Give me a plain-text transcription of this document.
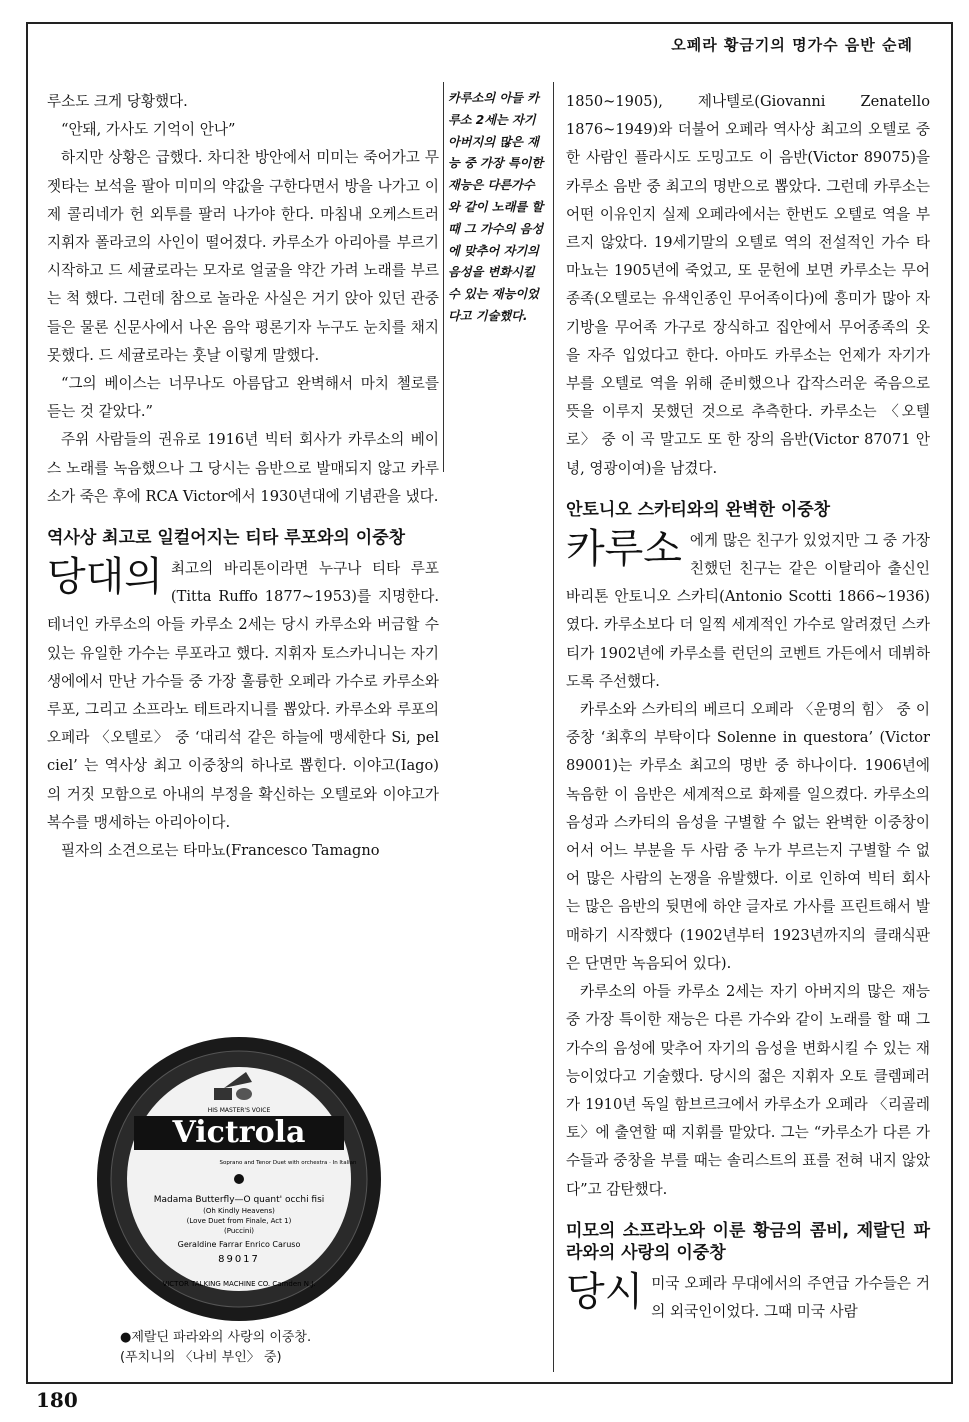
오페라 황금기의 명가수 음반 순례

루소도 크게 당황했다.

“안돼, 가사도 기억이 안나”

하지만 상황은 급했다. 차디찬 방안에서 미미는 죽어가고 무젯타는 보석을 팔아 미미의 약값을 구한다면서 방을 나가고 이제 콜리네가 헌 외투를 팔러 나가야 한다. 마침내 오케스트러 지휘자 폴라코의 사인이 떨어졌다. 카루소가 아리아를 부르기 시작하고 드 세귤로라는 모자로 얼굴을 약간 가려 노래를 부르는 척 했다. 그런데 참으로 놀라운 사실은 거기 앉아 있던 관중들은 물론 신문사에서 나온 음악 평론기자 누구도 눈치를 채지 못했다. 드 세귤로라는 훗날 이렇게 말했다.

“그의 베이스는 너무나도 아름답고 완벽해서 마치 첼로를 듣는 것 같았다.”

주위 사람들의 권유로 1916년 빅터 회사가 카루소의 베이스 노래를 녹음했으나 그 당시는 음반으로 발매되지 않고 카루소가 죽은 후에 RCA Victor에서 1930년대에 기념관을 냈다.

역사상 최고로 일컬어지는 티타 루포와의 이중창

당대의 최고의 바리톤이라면 누구나 티타 루포(Titta Ruffo 1877~1953)를 지명한다. 테너인 카루소의 아들 카루소 2세는 당시 카루소와 버금할 수 있는 유일한 가수는 루포라고 했다. 지휘자 토스카니니는 자기 생에에서 만난 가수들 중 가장 훌륭한 오페라 가수로 카루소와 루포, 그리고 소프라노 테트라지니를 뽑았다. 카루소와 루포의 오페라 〈오텔로〉 중 ‘대리석 같은 하늘에 맹세한다 Si, pel ciel’ 는 역사상 최고 이중창의 하나로 뽑힌다. 이야고(Iago)의 거짓 모함으로 아내의 부정을 확신하는 오텔로와 이야고가 복수를 맹세하는 아리아이다.

필자의 소견으로는 타마뇨(Francesco Tamagno

카루소의 아들 카루소 2세는 자기 아버지의 많은 재능 중 가장 특이한 재능은 다른가수와 같이 노래를 할 때 그 가수의 음성에 맞추어 자기의 음성을 변화시킬 수 있는 재능이었다고 기술했다.

1850~1905), 제나텔로(Giovanni Zenatello 1876~1949)와 더불어 오페라 역사상 최고의 오텔로 중한 사람인 플라시도 도밍고도 이 음반(Victor 89075)을 카루소 음반 중 최고의 명반으로 뽑았다. 그런데 카루소는 어떤 이유인지 실제 오페라에서는 한번도 오텔로 역을 부르지 않았다. 19세기말의 오텔로 역의 전설적인 가수 타마뇨는 1905년에 죽었고, 또 문헌에 보면 카루소는 무어종족(오텔로는 유색인종인 무어족이다)에 흥미가 많아 자기방을 무어족 가구로 장식하고 집안에서 무어종족의 옷을 자주 입었다고 한다. 아마도 카루소는 언제가 자기가 부를 오텔로 역을 위해 준비했으나 갑작스러운 죽음으로 뜻을 이루지 못했던 것으로 추측한다. 카루소는 〈오텔로〉 중 이 곡 말고도 또 한 장의 음반(Victor 87071 안녕, 영광이여)을 남겼다.

안토니오 스카티와의 완벽한 이중창

카루소 에게 많은 친구가 있었지만 그 중 가장 친했던 친구는 같은 이탈리아 출신인 바리톤 안토니오 스카티(Antonio Scotti 1866~1936)였다. 카루소보다 더 일찍 세계적인 가수로 알려졌던 스카티가 1902년에 카루소를 런던의 코벤트 가든에서 데뷔하도록 주선했다.

카루소와 스카티의 베르디 오페라 〈운명의 힘〉 중 이중창 ‘최후의 부탁이다 Solenne in questora’ (Victor 89001)는 카루소 최고의 명반 중 하나이다. 1906년에 녹음한 이 음반은 세계적으로 화제를 일으켰다. 카루소의 음성과 스카티의 음성을 구별할 수 없는 완벽한 이중창이어서 어느 부분을 두 사람 중 누가 부르는지 구별할 수 없어 많은 사람의 논쟁을 유발했다. 이로 인하여 빅터 회사는 많은 음반의 뒷면에 하얀 글자로 가사를 프린트해서 발매하기 시작했다 (1902년부터 1923년까지의 클래식판은 단면만 녹음되어 있다).

카루소의 아들 카루소 2세는 자기 아버지의 많은 재능 중 가장 특이한 재능은 다른 가수와 같이 노래를 할 때 그 가수의 음성에 맞추어 자기의 음성을 변화시킬 수 있는 재능이었다고 기술했다. 당시의 젊은 지휘자 오토 클렘페러가 1910년 독일 함브르크에서 카루소가 오페라 〈리골레토〉에 출연할 때 지휘를 맡았다. 그는 “카루소가 다른 가수들과 중창을 부를 때는 솔리스트의 표를 전혀 내지 않았다”고 감탄했다.

미모의 소프라노와 이룬 황금의 콤비, 제랄딘 파라와의 사랑의 이중창

당시 미국 오페라 무대에서의 주연급 가수들은 거의 외국인이었다. 그때 미국 사람

HIS MASTER'S VOICE
Victrola
Soprano and Tenor Duet with orchestra · In Italian
Madama Butterfly—O quant' occhi fisi
(Oh Kindly Heavens)
(Love Duet from Finale, Act 1)
(Puccini)
Geraldine Farrar Enrico Caruso
89017
VICTOR TALKING MACHINE CO. Camden N.J.
●제랄딘 파라와의 사랑의 이중창.
(푸치니의 〈나비 부인〉 중)
180
